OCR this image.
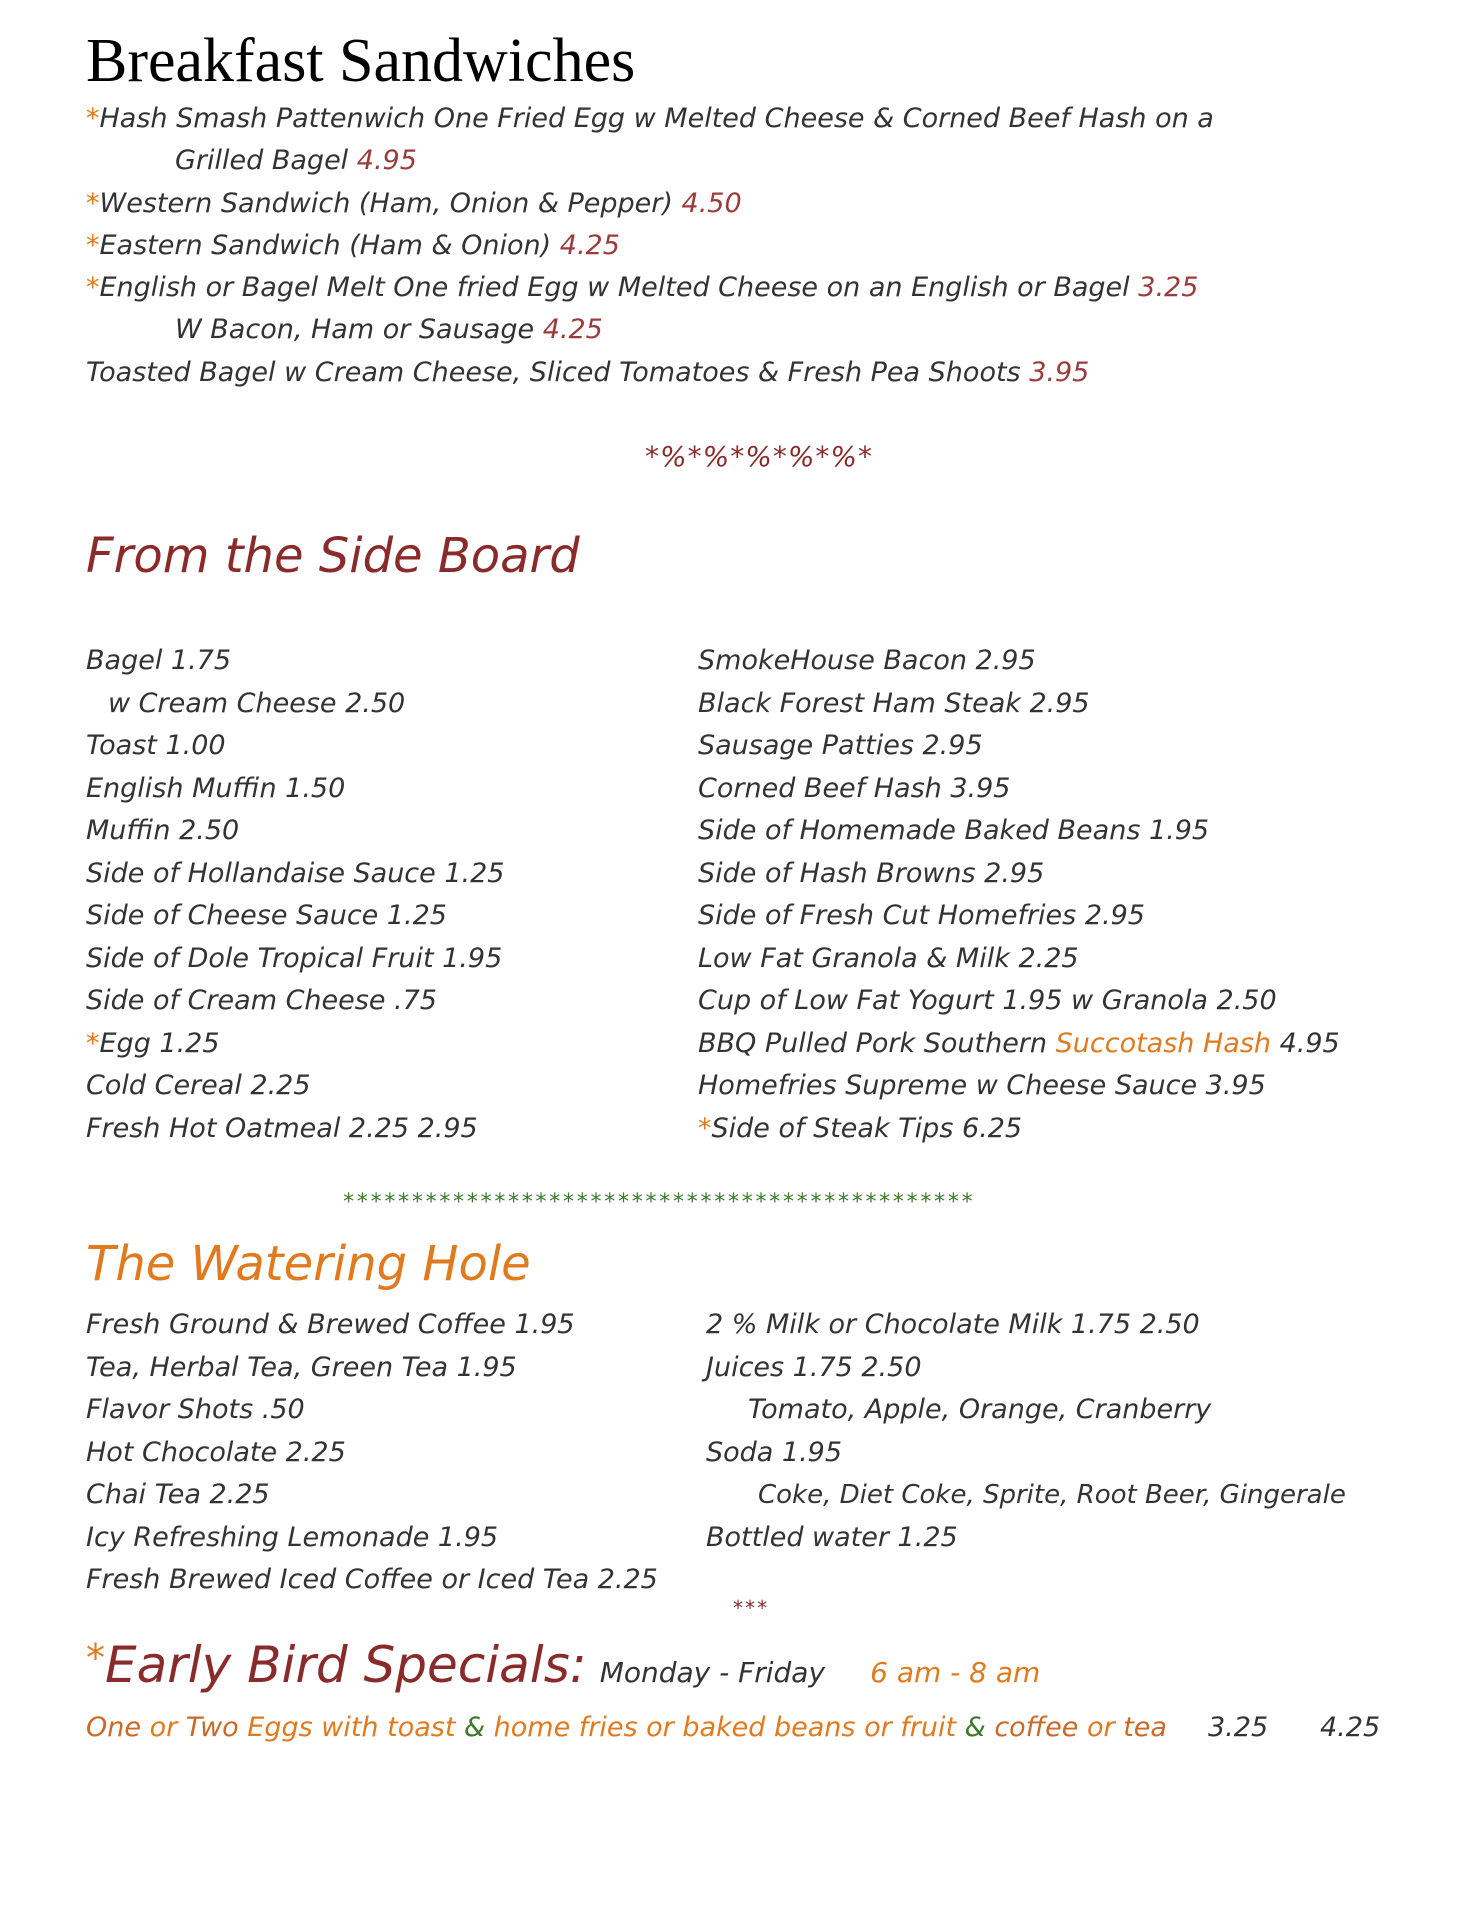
Breakfast Sandwiches
*Hash Smash Pattenwich One Fried Egg w Melted Cheese & Corned Beef Hash on a
Grilled Bagel 4.95
*Western Sandwich (Ham, Onion & Pepper) 4.50
*Eastern Sandwich (Ham & Onion) 4.25
*English or Bagel Melt One fried Egg w Melted Cheese on an English or Bagel 3.25
W Bacon, Ham or Sausage 4.25
Toasted Bagel w Cream Cheese, Sliced Tomatoes & Fresh Pea Shoots 3.95
*%*%*%*%*%*
From the Side Board
Bagel 1.75
w Cream Cheese 2.50
Toast 1.00
English Muffin 1.50
Muffin 2.50
Side of Hollandaise Sauce 1.25
Side of Cheese Sauce 1.25
Side of Dole Tropical Fruit 1.95
Side of Cream Cheese .75
*Egg 1.25
Cold Cereal 2.25
Fresh Hot Oatmeal 2.25 2.95
SmokeHouse Bacon 2.95
Black Forest Ham Steak 2.95
Sausage Patties 2.95
Corned Beef Hash 3.95
Side of Homemade Baked Beans 1.95
Side of Hash Browns 2.95
Side of Fresh Cut Homefries 2.95
Low Fat Granola & Milk 2.25
Cup of Low Fat Yogurt 1.95 w Granola 2.50
BBQ Pulled Pork Southern Succotash Hash 4.95
Homefries Supreme w Cheese Sauce 3.95
*Side of Steak Tips 6.25
**********************************************
The Watering Hole
Fresh Ground & Brewed Coffee 1.95
Tea, Herbal Tea, Green Tea 1.95
Flavor Shots .50
Hot Chocolate 2.25
Chai Tea 2.25
Icy Refreshing Lemonade 1.95
Fresh Brewed Iced Coffee or Iced Tea 2.25
2 % Milk or Chocolate Milk 1.75 2.50
Juices 1.75 2.50
Tomato, Apple, Orange, Cranberry
Soda 1.95
Coke, Diet Coke, Sprite, Root Beer, Gingerale
Bottled water 1.25
***
*Early Bird Specials: Monday - Friday 6 am - 8 am
One or Two Eggs with toast & home fries or baked beans or fruit & coffee or tea 3.25 4.25
